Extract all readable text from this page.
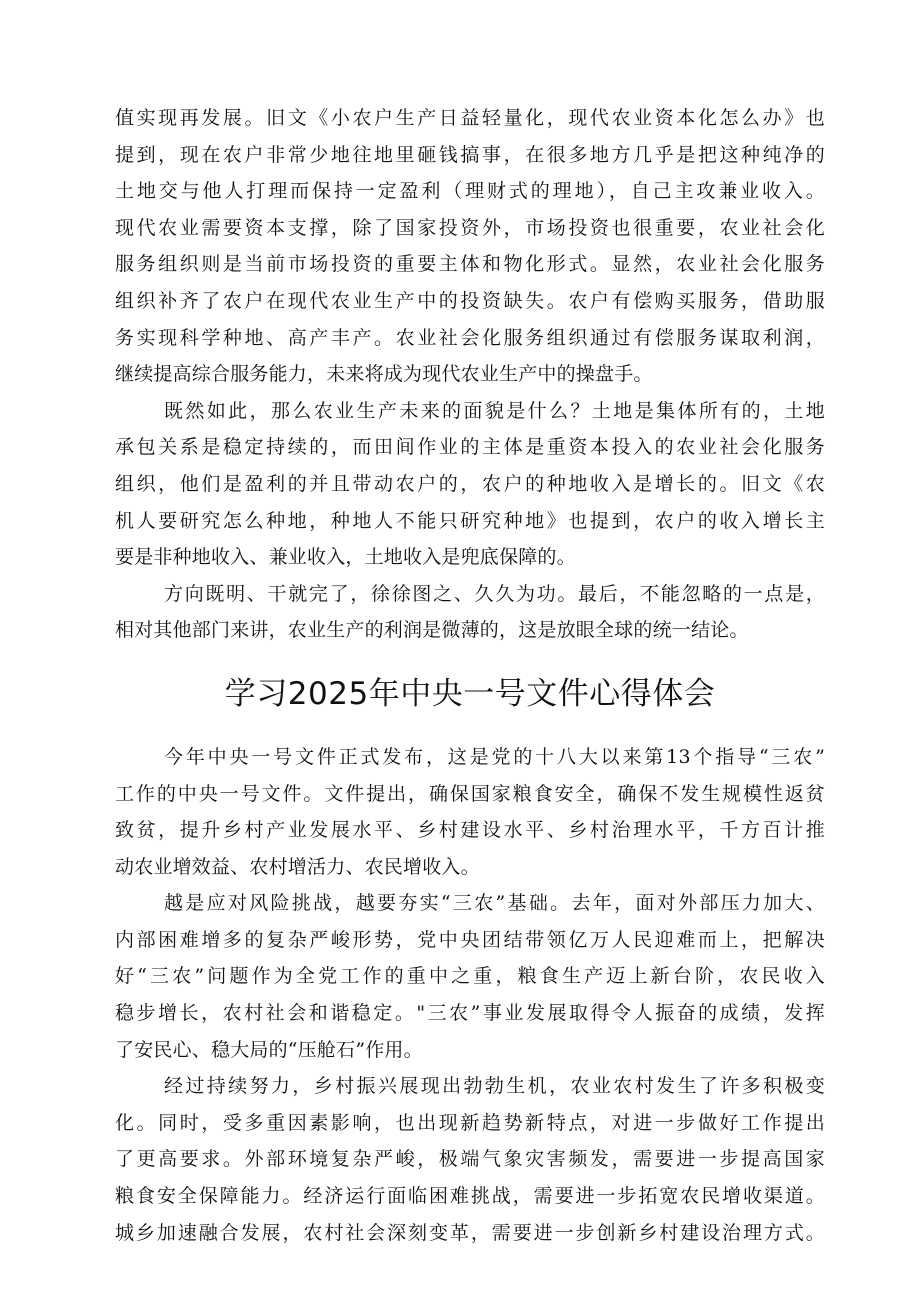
值实现再发展。旧文《小农户生产日益轻量化，现代农业资本化怎么办》也
提到，现在农户非常少地往地里砸钱搞事，在很多地方几乎是把这种纯净的
土地交与他人打理而保持一定盈利（理财式的理地），自己主攻兼业收入。
现代农业需要资本支撑，除了国家投资外，市场投资也很重要，农业社会化
服务组织则是当前市场投资的重要主体和物化形式。显然，农业社会化服务
组织补齐了农户在现代农业生产中的投资缺失。农户有偿购买服务，借助服
务实现科学种地、高产丰产。农业社会化服务组织通过有偿服务谋取利润，
继续提高综合服务能力，未来将成为现代农业生产中的操盘手。
既然如此，那么农业生产未来的面貌是什么？土地是集体所有的，土地
承包关系是稳定持续的，而田间作业的主体是重资本投入的农业社会化服务
组织，他们是盈利的并且带动农户的，农户的种地收入是增长的。旧文《农
机人要研究怎么种地，种地人不能只研究种地》也提到，农户的收入增长主
要是非种地收入、兼业收入，土地收入是兜底保障的。
方向既明、干就完了，徐徐图之、久久为功。最后，不能忽略的一点是，
相对其他部门来讲，农业生产的利润是微薄的，这是放眼全球的统一结论。
学习2025年中央一号文件心得体会
今年中央一号文件正式发布，这是党的十八大以来第13个指导“三农”
工作的中央一号文件。文件提出，确保国家粮食安全，确保不发生规模性返贫
致贫，提升乡村产业发展水平、乡村建设水平、乡村治理水平，千方百计推
动农业增效益、农村增活力、农民增收入。
越是应对风险挑战，越要夯实“三农”基础。去年，面对外部压力加大、
内部困难增多的复杂严峻形势，党中央团结带领亿万人民迎难而上，把解决
好“三农”问题作为全党工作的重中之重，粮食生产迈上新台阶，农民收入
稳步增长，农村社会和谐稳定。"三农”事业发展取得令人振奋的成绩，发挥
了安民心、稳大局的“压舱石”作用。
经过持续努力，乡村振兴展现出勃勃生机，农业农村发生了许多积极变
化。同时，受多重因素影响，也出现新趋势新特点，对进一步做好工作提出
了更高要求。外部环境复杂严峻，极端气象灾害频发，需要进一步提高国家
粮食安全保障能力。经济运行面临困难挑战，需要进一步拓宽农民增收渠道。
城乡加速融合发展，农村社会深刻变革，需要进一步创新乡村建设治理方式。
